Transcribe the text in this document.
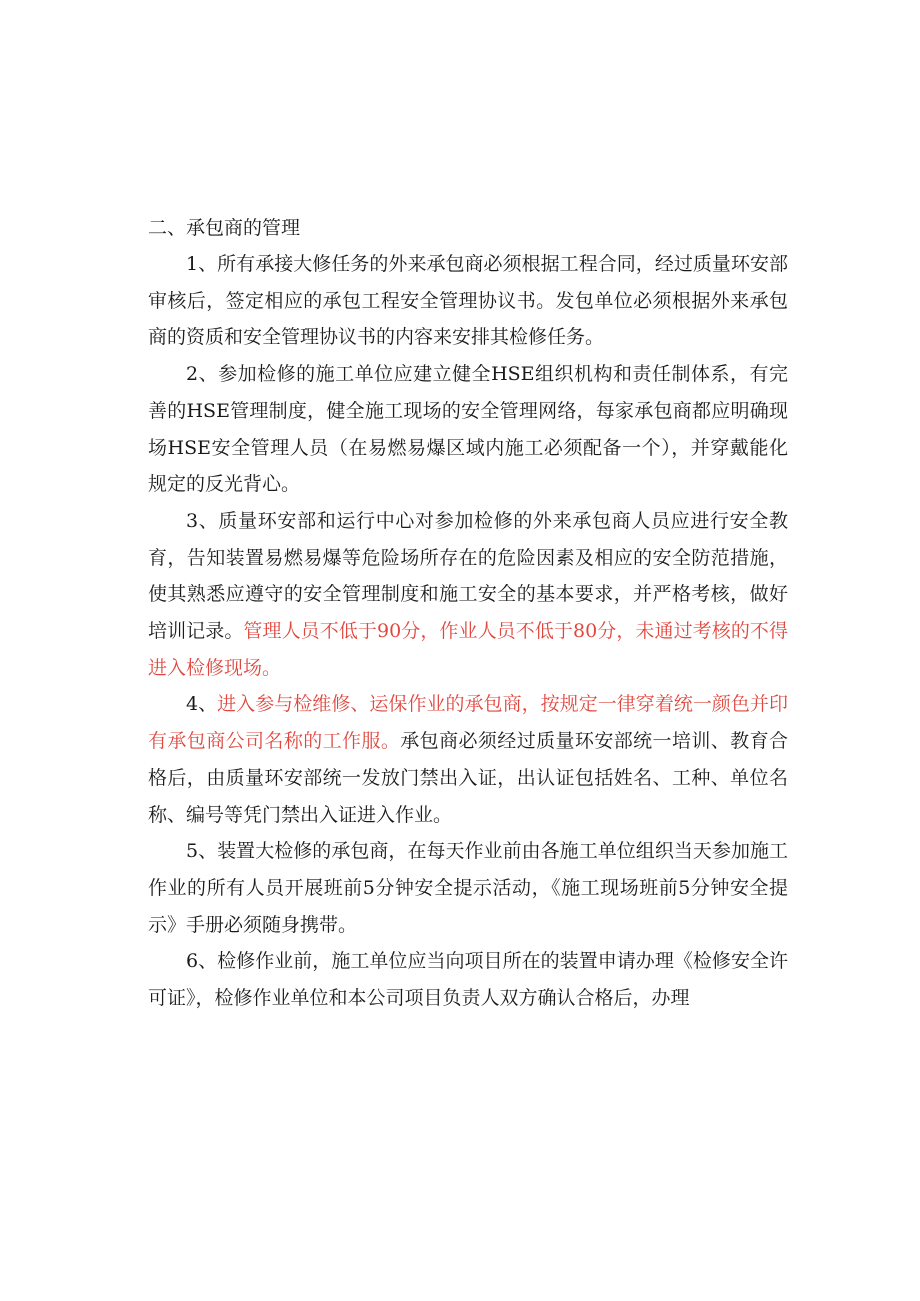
二、承包商的管理

1、所有承接大修任务的外来承包商必须根据工程合同，经过质量环安部审核后，签定相应的承包工程安全管理协议书。发包单位必须根据外来承包商的资质和安全管理协议书的内容来安排其检修任务。

2、参加检修的施工单位应建立健全HSE组织机构和责任制体系，有完善的HSE管理制度，健全施工现场的安全管理网络，每家承包商都应明确现场HSE安全管理人员（在易燃易爆区域内施工必须配备一个），并穿戴能化规定的反光背心。

3、质量环安部和运行中心对参加检修的外来承包商人员应进行安全教育，告知装置易燃易爆等危险场所存在的危险因素及相应的安全防范措施，使其熟悉应遵守的安全管理制度和施工安全的基本要求，并严格考核，做好培训记录。管理人员不低于90分，作业人员不低于80分，未通过考核的不得进入检修现场。

4、进入参与检维修、运保作业的承包商，按规定一律穿着统一颜色并印有承包商公司名称的工作服。承包商必须经过质量环安部统一培训、教育合格后，由质量环安部统一发放门禁出入证，出认证包括姓名、工种、单位名称、编号等凭门禁出入证进入作业。

5、装置大检修的承包商，在每天作业前由各施工单位组织当天参加施工作业的所有人员开展班前5分钟安全提示活动，《施工现场班前5分钟安全提示》手册必须随身携带。

6、检修作业前，施工单位应当向项目所在的装置申请办理《检修安全许可证》，检修作业单位和本公司项目负责人双方确认合格后，办理
